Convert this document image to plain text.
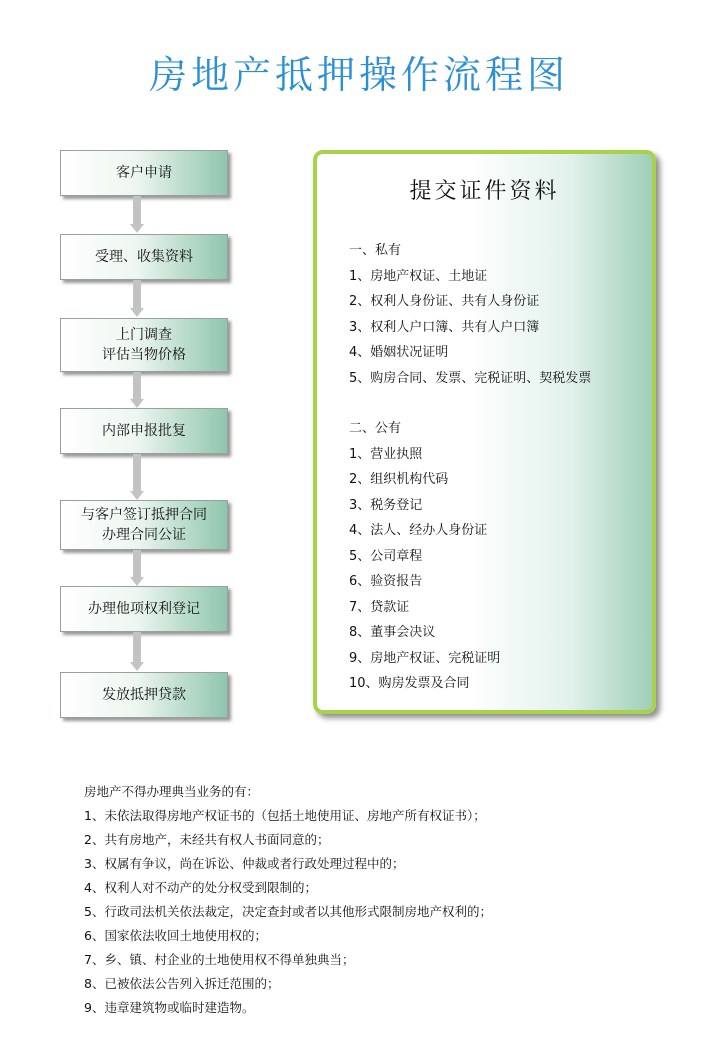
房地产抵押操作流程图
客户申请
受理、收集资料
上门调查
评估当物价格
内部申报批复
与客户签订抵押合同
办理合同公证
办理他项权利登记
发放抵押贷款
提交证件资料
一、私有
1、房地产权证、土地证
2、权利人身份证、共有人身份证
3、权利人户口簿、共有人户口簿
4、婚姻状况证明
5、购房合同、发票、完税证明、契税发票
二、公有
1、营业执照
2、组织机构代码
3、税务登记
4、法人、经办人身份证
5、公司章程
6、验资报告
7、贷款证
8、董事会决议
9、房地产权证、完税证明
10、购房发票及合同
房地产不得办理典当业务的有：
1、未依法取得房地产权证书的（包括土地使用证、房地产所有权证书）；
2、共有房地产，未经共有权人书面同意的；
3、权属有争议，尚在诉讼、仲裁或者行政处理过程中的；
4、权利人对不动产的处分权受到限制的；
5、行政司法机关依法裁定，决定查封或者以其他形式限制房地产权利的；
6、国家依法收回土地使用权的；
7、乡、镇、村企业的土地使用权不得单独典当；
8、已被依法公告列入拆迁范围的；
9、违章建筑物或临时建造物。
